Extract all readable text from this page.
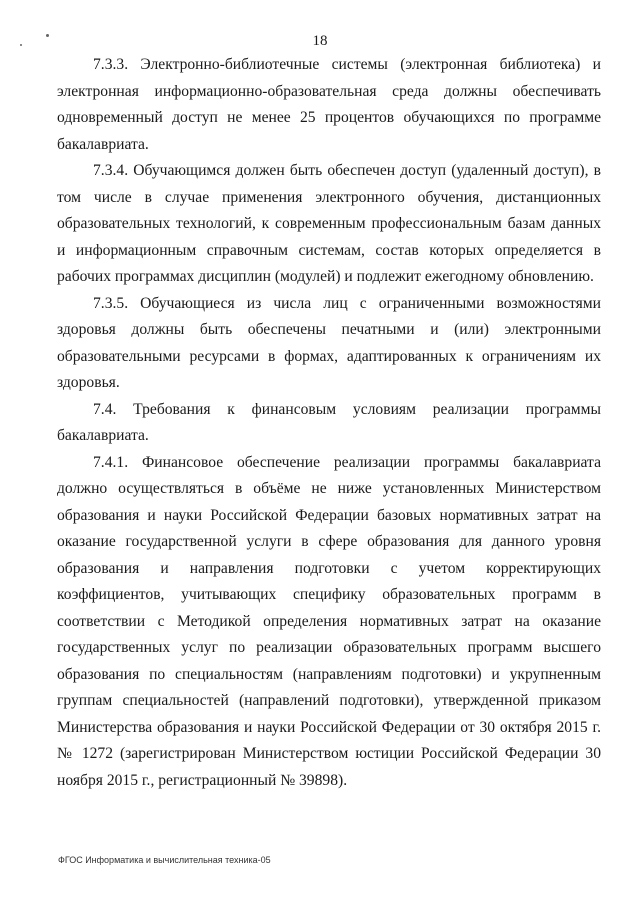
18

7.3.3. Электронно-библиотечные системы (электронная библиотека) и электронная информационно-образовательная среда должны обеспечивать одновременный доступ не менее 25 процентов обучающихся по программе бакалавриата.

7.3.4. Обучающимся должен быть обеспечен доступ (удаленный доступ), в том числе в случае применения электронного обучения, дистанционных образовательных технологий, к современным профессиональным базам данных и информационным справочным системам, состав которых определяется в рабочих программах дисциплин (модулей) и подлежит ежегодному обновлению.

7.3.5. Обучающиеся из числа лиц с ограниченными возможностями здоровья должны быть обеспечены печатными и (или) электронными образовательными ресурсами в формах, адаптированных к ограничениям их здоровья.

7.4. Требования к финансовым условиям реализации программы бакалавриата.

7.4.1. Финансовое обеспечение реализации программы бакалавриата должно осуществляться в объёме не ниже установленных Министерством образования и науки Российской Федерации базовых нормативных затрат на оказание государственной услуги в сфере образования для данного уровня образования и направления подготовки с учетом корректирующих коэффициентов, учитывающих специфику образовательных программ в соответствии с Методикой определения нормативных затрат на оказание государственных услуг по реализации образовательных программ высшего образования по специальностям (направлениям подготовки) и укрупненным группам специальностей (направлений подготовки), утвержденной приказом Министерства образования и науки Российской Федерации от 30 октября 2015 г. № 1272 (зарегистрирован Министерством юстиции Российской Федерации 30 ноября 2015 г., регистрационный № 39898).

ФГОС Информатика и вычислительная техника-05
